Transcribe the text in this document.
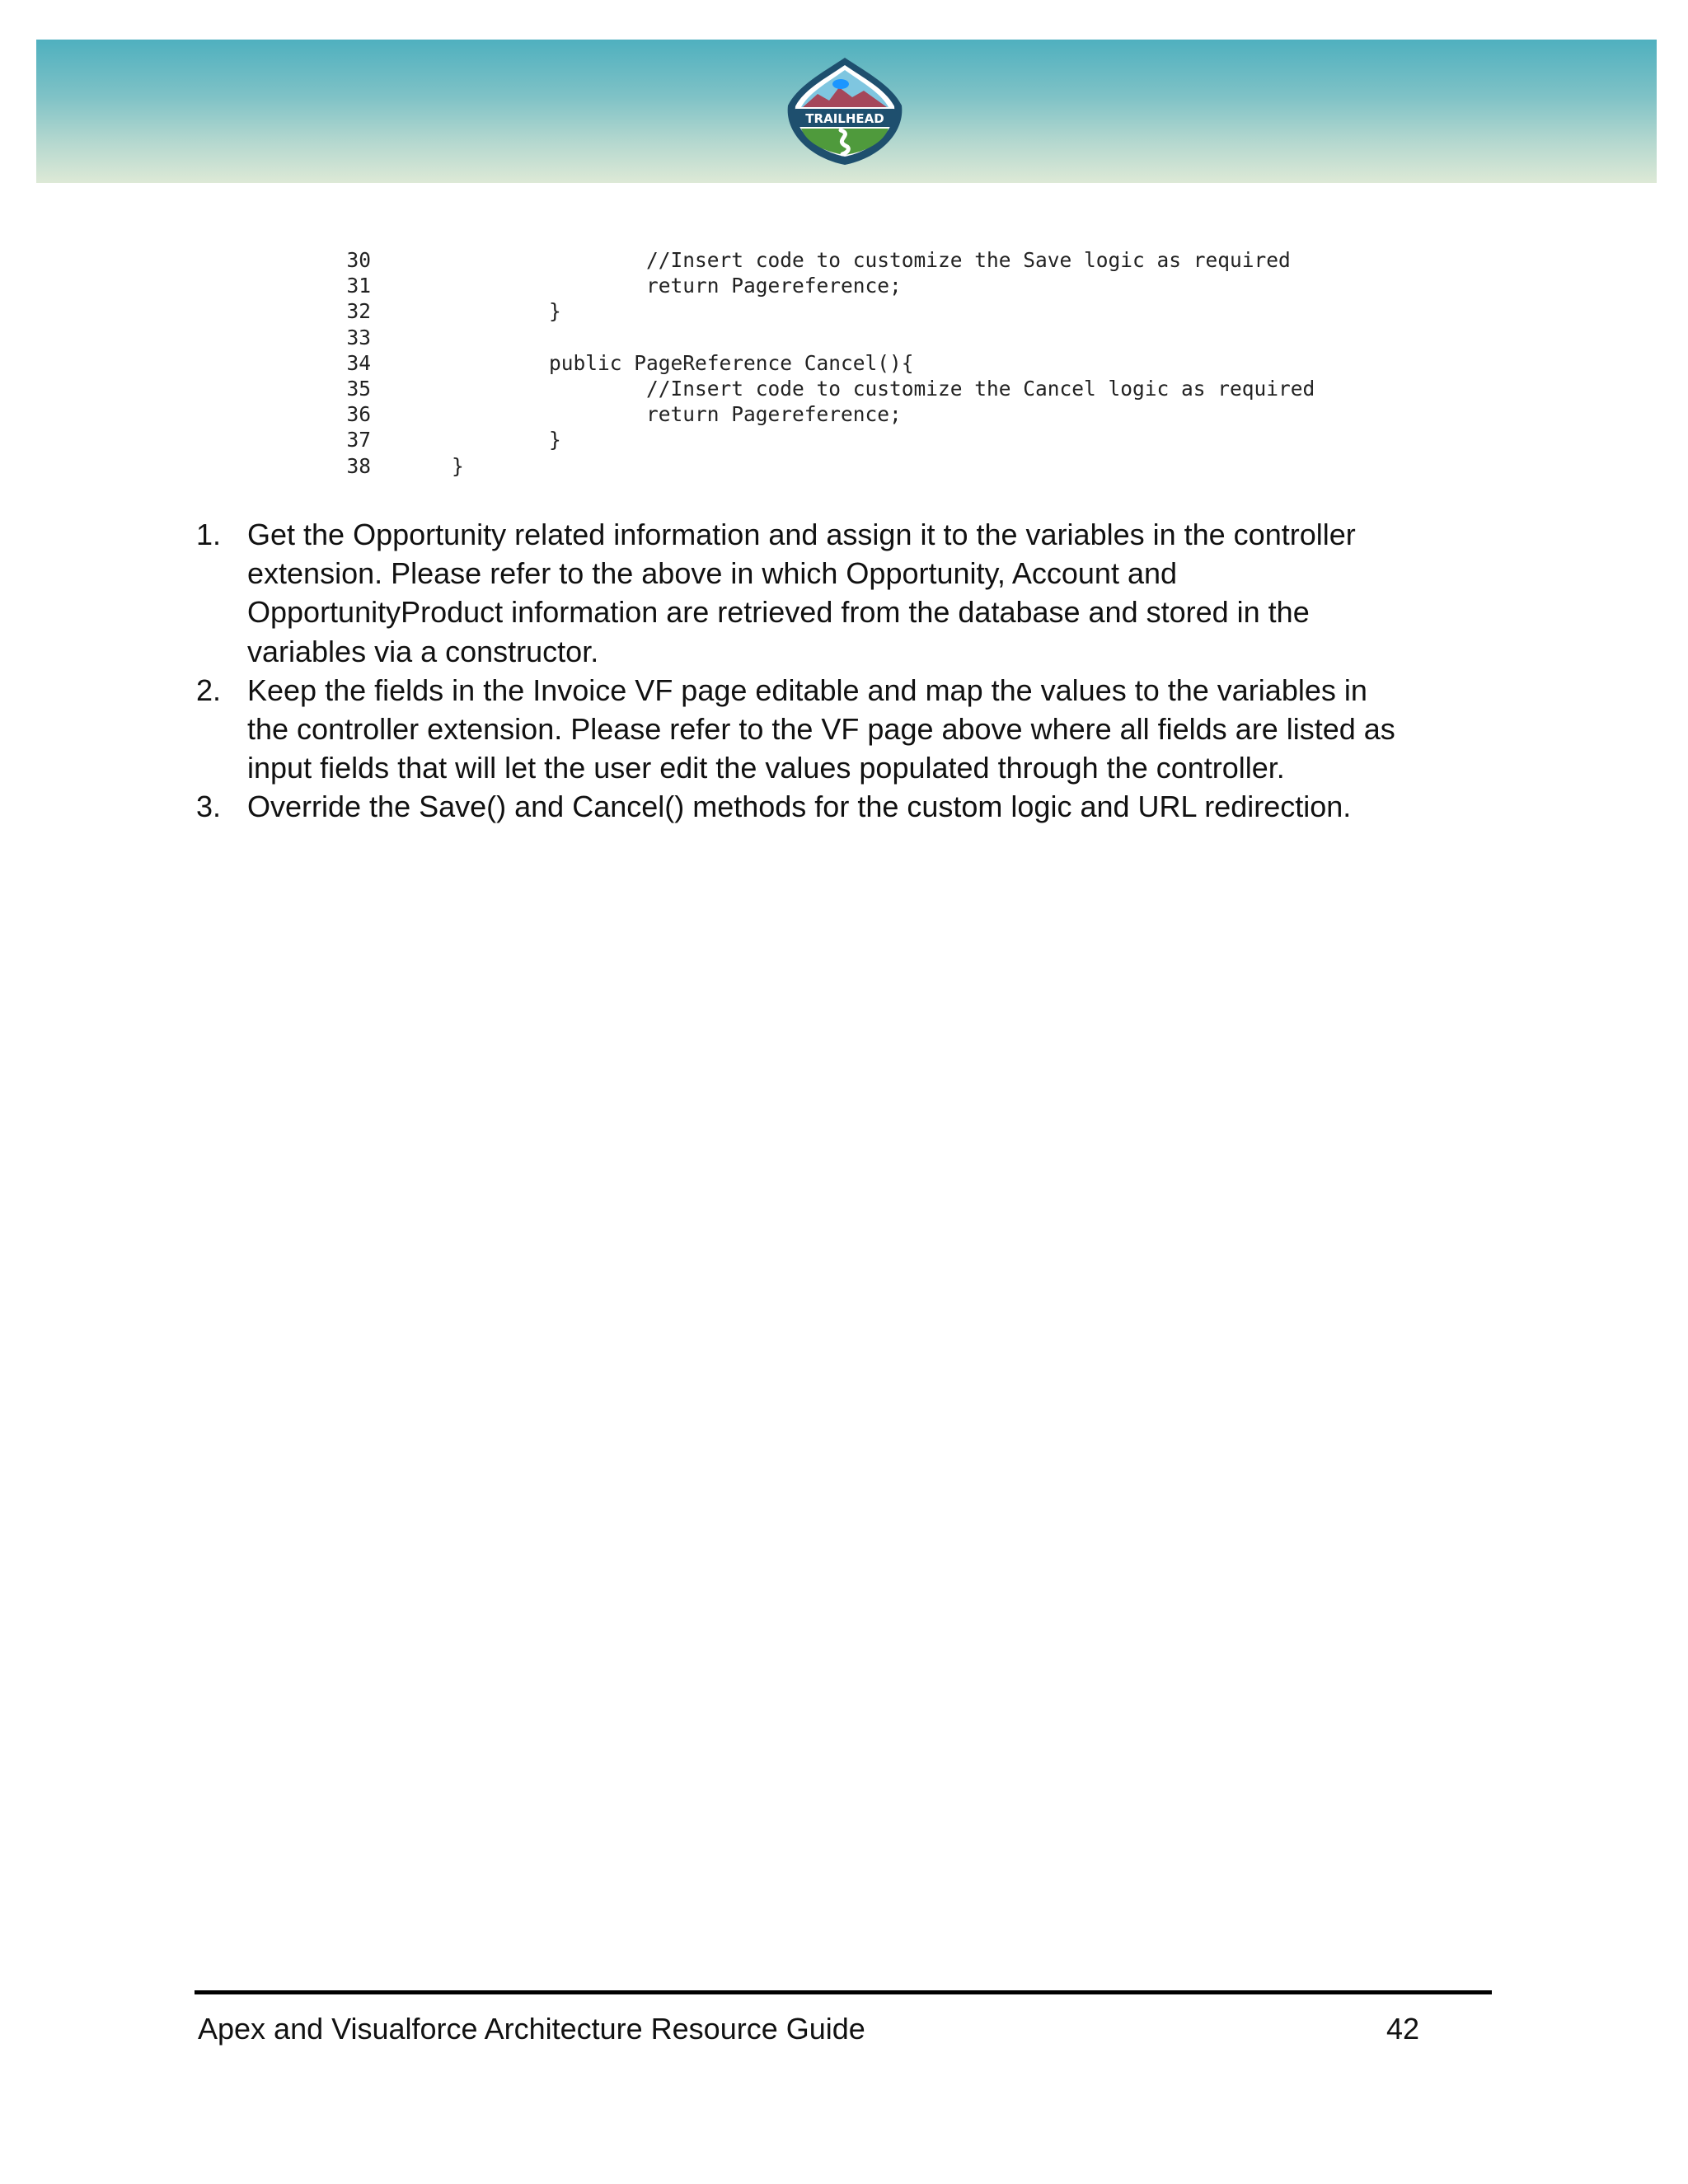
TRAILHEAD
30	//Insert code to customize the Save logic as required
31	return Pagereference;
32	}
33
34	public PageReference Cancel(){
35	//Insert code to customize the Cancel logic as required
36	return Pagereference;
37	}
38	}
1. Get the Opportunity related information and assign it to the variables in the controller
extension. Please refer to the above in which Opportunity, Account and
OpportunityProduct information are retrieved from the database and stored in the
variables via a constructor.
2. Keep the fields in the Invoice VF page editable and map the values to the variables in
the controller extension. Please refer to the VF page above where all fields are listed as
input fields that will let the user edit the values populated through the controller.
3. Override the Save() and Cancel() methods for the custom logic and URL redirection.
Apex and Visualforce Architecture Resource Guide	42
